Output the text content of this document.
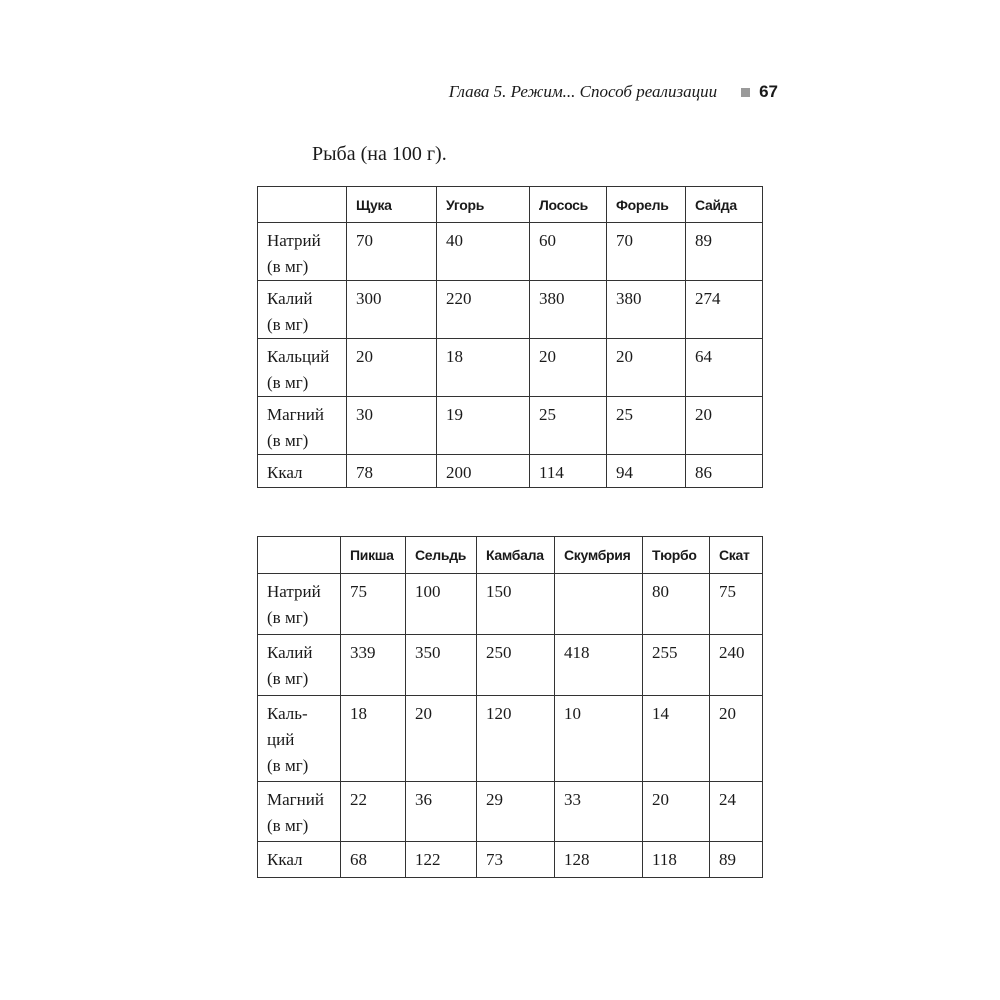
Глава 5. Режим... Способ реализации 67
Рыба (на 100 г).
	Щука	Угорь	Лосось	Форель	Сайда
Натрий
(в мг)	70	40	60	70	89
Калий
(в мг)	300	220	380	380	274
Кальций
(в мг)	20	18	20	20	64
Магний
(в мг)	30	19	25	25	20
Ккал	78	200	114	94	86
	Пикша	Сельдь	Камбала	Скумбрия	Тюрбо	Скат
Натрий
(в мг)	75	100	150		80	75
Калий
(в мг)	339	350	250	418	255	240
Каль-
ций
(в мг)	18	20	120	10	14	20
Магний
(в мг)	22	36	29	33	20	24
Ккал	68	122	73	128	118	89
